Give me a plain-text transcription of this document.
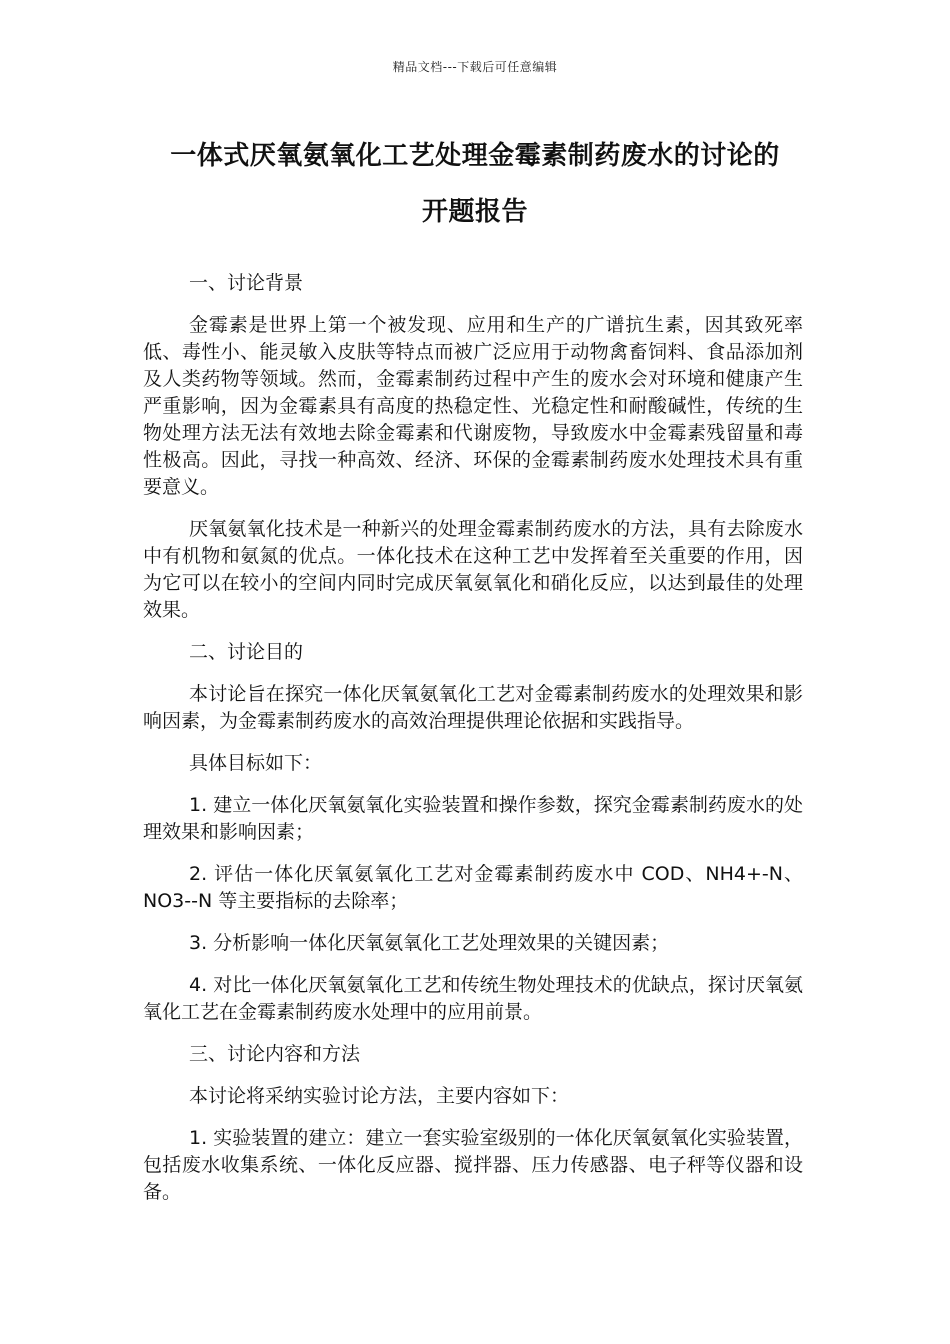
精品文档---下载后可任意编辑
一体式厌氧氨氧化工艺处理金霉素制药废水的讨论的
开题报告

一、讨论背景

金霉素是世界上第一个被发现、应用和生产的广谱抗生素，因其致死率低、毒性小、能灵敏入皮肤等特点而被广泛应用于动物禽畜饲料、食品添加剂及人类药物等领域。然而，金霉素制药过程中产生的废水会对环境和健康产生严重影响，因为金霉素具有高度的热稳定性、光稳定性和耐酸碱性，传统的生物处理方法无法有效地去除金霉素和代谢废物，导致废水中金霉素残留量和毒性极高。因此，寻找一种高效、经济、环保的金霉素制药废水处理技术具有重要意义。

厌氧氨氧化技术是一种新兴的处理金霉素制药废水的方法，具有去除废水中有机物和氨氮的优点。一体化技术在这种工艺中发挥着至关重要的作用，因为它可以在较小的空间内同时完成厌氧氨氧化和硝化反应，以达到最佳的处理效果。

二、讨论目的

本讨论旨在探究一体化厌氧氨氧化工艺对金霉素制药废水的处理效果和影响因素，为金霉素制药废水的高效治理提供理论依据和实践指导。

具体目标如下：

1. 建立一体化厌氧氨氧化实验装置和操作参数，探究金霉素制药废水的处理效果和影响因素；

2. 评估一体化厌氧氨氧化工艺对金霉素制药废水中 COD、NH4+-N、NO3--N 等主要指标的去除率；

3. 分析影响一体化厌氧氨氧化工艺处理效果的关键因素；

4. 对比一体化厌氧氨氧化工艺和传统生物处理技术的优缺点，探讨厌氧氨氧化工艺在金霉素制药废水处理中的应用前景。

三、讨论内容和方法

本讨论将采纳实验讨论方法，主要内容如下：

1. 实验装置的建立：建立一套实验室级别的一体化厌氧氨氧化实验装置，包括废水收集系统、一体化反应器、搅拌器、压力传感器、电子秤等仪器和设备。
